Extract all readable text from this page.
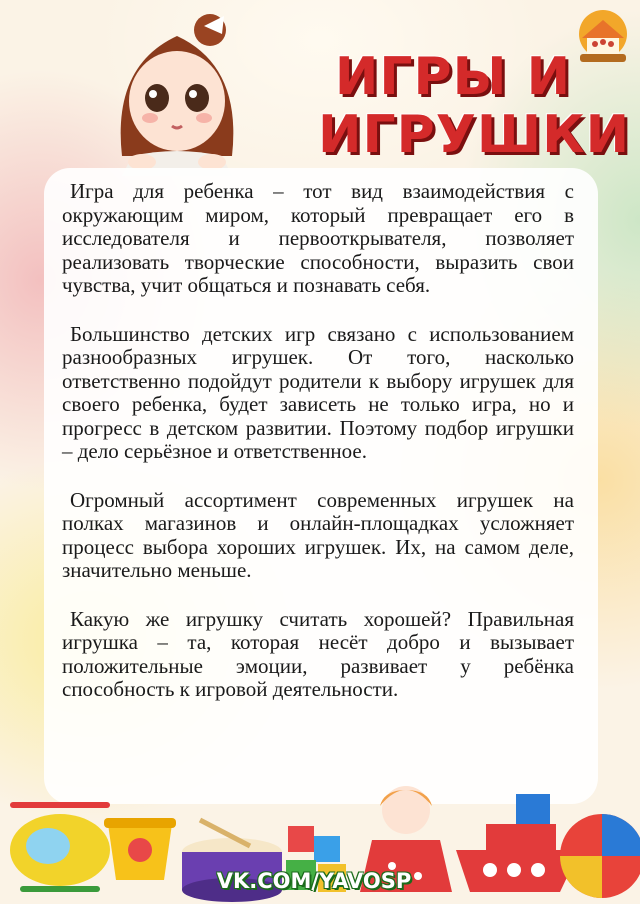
ИГРЫ И
ИГРУШКИ

Игра для ребенка – тот вид взаимодействия с окружающим миром, который превращает его в исследователя и первооткрывателя, позволяет реализовать творческие способности, выразить свои чувства, учит общаться и познавать себя.

Большинство детских игр связано с использованием разнообразных игрушек. От того, насколько ответственно подойдут родители к выбору игрушек для своего ребенка, будет зависеть не только игра, но и прогресс в детском развитии. Поэтому подбор игрушки – дело серьёзное и ответственное.

Огромный ассортимент современных игрушек на полках магазинов и онлайн-площадках усложняет процесс выбора хороших игрушек. Их, на самом деле, значительно меньше.

Какую же игрушку считать хорошей? Правильная игрушка – та, которая несёт добро и вызывает положительные эмоции, развивает у ребёнка способность к игровой деятельности.

VK.COM/YAVOSP
